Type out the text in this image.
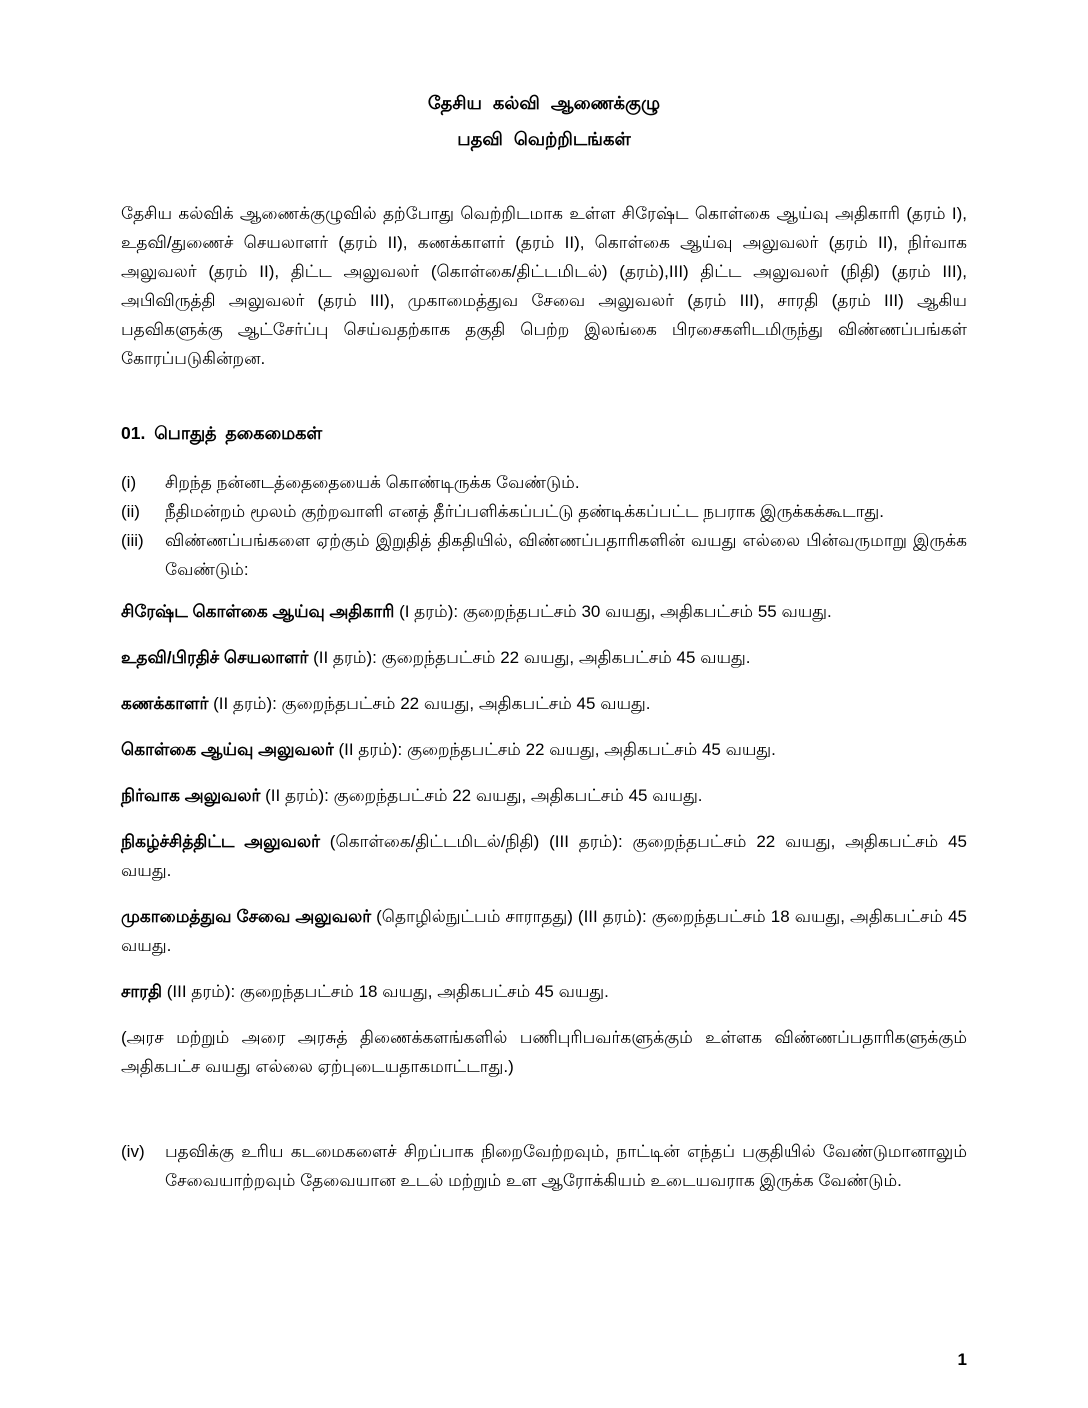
தேசிய கல்வி ஆணைக்குழு
பதவி வெற்றிடங்கள்

தேசிய கல்விக் ஆணைக்குழுவில் தற்போது வெற்றிடமாக உள்ள சிரேஷ்ட கொள்கை ஆய்வு அதிகாரி (தரம் I), உதவி/துணைச் செயலாளர் (தரம் II), கணக்காளர் (தரம் II), கொள்கை ஆய்வு அலுவலர் (தரம் II), நிர்வாக அலுவலர் (தரம் II), திட்ட அலுவலர் (கொள்கை/திட்டமிடல்) (தரம்),III) திட்ட அலுவலர் (நிதி) (தரம் III), அபிவிருத்தி அலுவலர் (தரம் III), முகாமைத்துவ சேவை அலுவலர் (தரம் III), சாரதி (தரம் III) ஆகிய பதவிகளுக்கு ஆட்சேர்ப்பு செய்வதற்காக தகுதி பெற்ற இலங்கை பிரசைகளிடமிருந்து விண்ணப்பங்கள் கோரப்படுகின்றன.

01. பொதுத் தகைமைகள்
(i)	சிறந்த நன்னடத்தைதையைக் கொண்டிருக்க வேண்டும்.
(ii)	நீதிமன்றம் மூலம் குற்றவாளி எனத் தீர்ப்பளிக்கப்பட்டு தண்டிக்கப்பட்ட நபராக இருக்கக்கூடாது.
(iii)	விண்ணப்பங்களை ஏற்கும் இறுதித் திகதியில், விண்ணப்பதாரிகளின் வயது எல்லை பின்வருமாறு இருக்க வேண்டும்:

சிரேஷ்ட கொள்கை ஆய்வு அதிகாரி (I தரம்): குறைந்தபட்சம் 30 வயது, அதிகபட்சம் 55 வயது.

உதவி/பிரதிச் செயலாளர் (II தரம்): குறைந்தபட்சம் 22 வயது, அதிகபட்சம் 45 வயது.

கணக்காளர் (II தரம்): குறைந்தபட்சம் 22 வயது, அதிகபட்சம் 45 வயது.

கொள்கை ஆய்வு அலுவலர் (II தரம்): குறைந்தபட்சம் 22 வயது, அதிகபட்சம் 45 வயது.

நிர்வாக அலுவலர் (II தரம்): குறைந்தபட்சம் 22 வயது, அதிகபட்சம் 45 வயது.

நிகழ்ச்சித்திட்ட அலுவலர் (கொள்கை/திட்டமிடல்/நிதி) (III தரம்): குறைந்தபட்சம் 22 வயது, அதிகபட்சம் 45 வயது.

முகாமைத்துவ சேவை அலுவலர் (தொழில்நுட்பம் சாராதது) (III தரம்): குறைந்தபட்சம் 18 வயது, அதிகபட்சம் 45 வயது.

சாரதி (III தரம்): குறைந்தபட்சம் 18 வயது, அதிகபட்சம் 45 வயது.

(அரச மற்றும் அரை அரசுத் திணைக்களங்களில் பணிபுரிபவர்களுக்கும் உள்ளக விண்ணப்பதாரிகளுக்கும் அதிகபட்ச வயது எல்லை ஏற்புடையதாகமாட்டாது.)

(iv)	பதவிக்கு உரிய கடமைகளைச் சிறப்பாக நிறைவேற்றவும், நாட்டின் எந்தப் பகுதியில் வேண்டுமானாலும் சேவையாற்றவும் தேவையான உடல் மற்றும் உள ஆரோக்கியம் உடையவராக இருக்க வேண்டும்.
1
